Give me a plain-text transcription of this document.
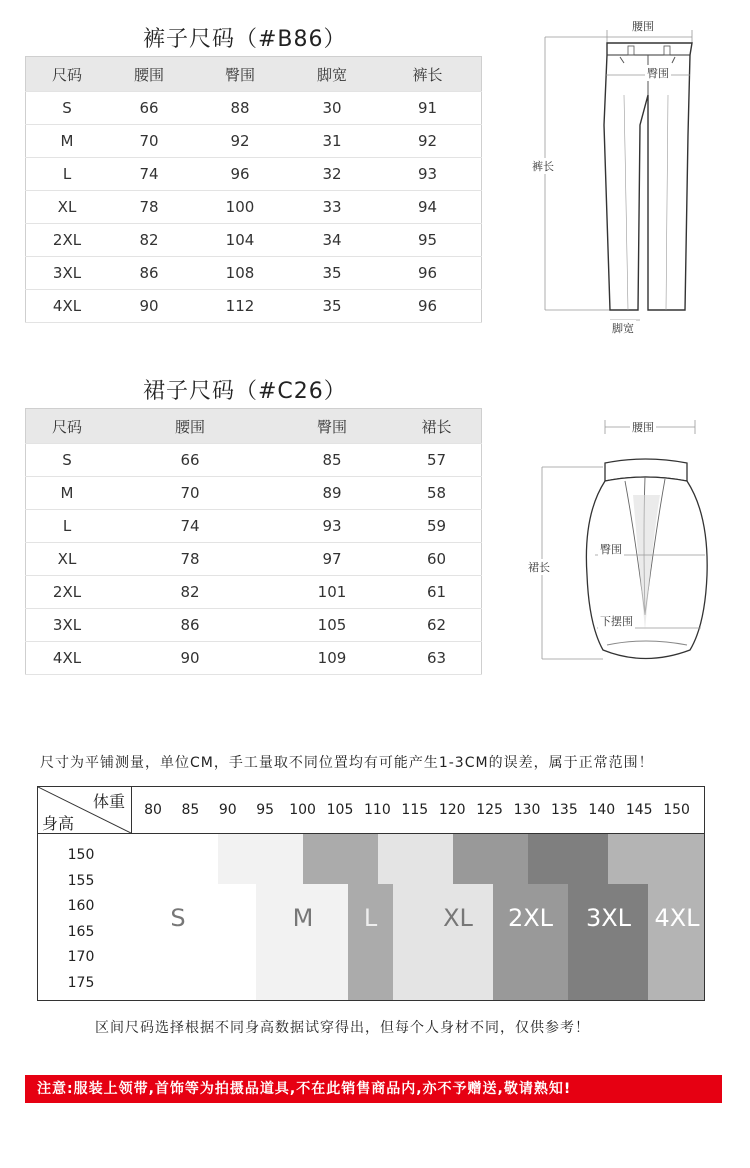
裤子尺码（#B86）
尺码	腰围	臀围	脚宽	裤长
S	66	88	30	91
M	70	92	31	92
L	74	96	32	93
XL	78	100	33	94
2XL	82	104	34	95
3XL	86	108	35	96
4XL	90	112	35	96
腰围
臀围
裤长
脚宽
裙子尺码（#C26）
尺码	腰围	臀围	裙长
S	66	85	57
M	70	89	58
L	74	93	59
XL	78	97	60
2XL	82	101	61
3XL	86	105	62
4XL	90	109	63
腰围
臀围
裙长
下摆围
尺寸为平铺测量，单位CM，手工量取不同位置均有可能产生1-3CM的误差，属于正常范围！
体重
身高
80	85	90	95	100 105 110 115 120 125 130 135 140 145 150
S	M	L	XL	2XL	3XL 4XL
150
155
160
165
170
175
区间尺码选择根据不同身高数据试穿得出，但每个人身材不同，仅供参考！
注意:服装上领带,首饰等为拍摄品道具,不在此销售商品内,亦不予赠送,敬请熟知!
